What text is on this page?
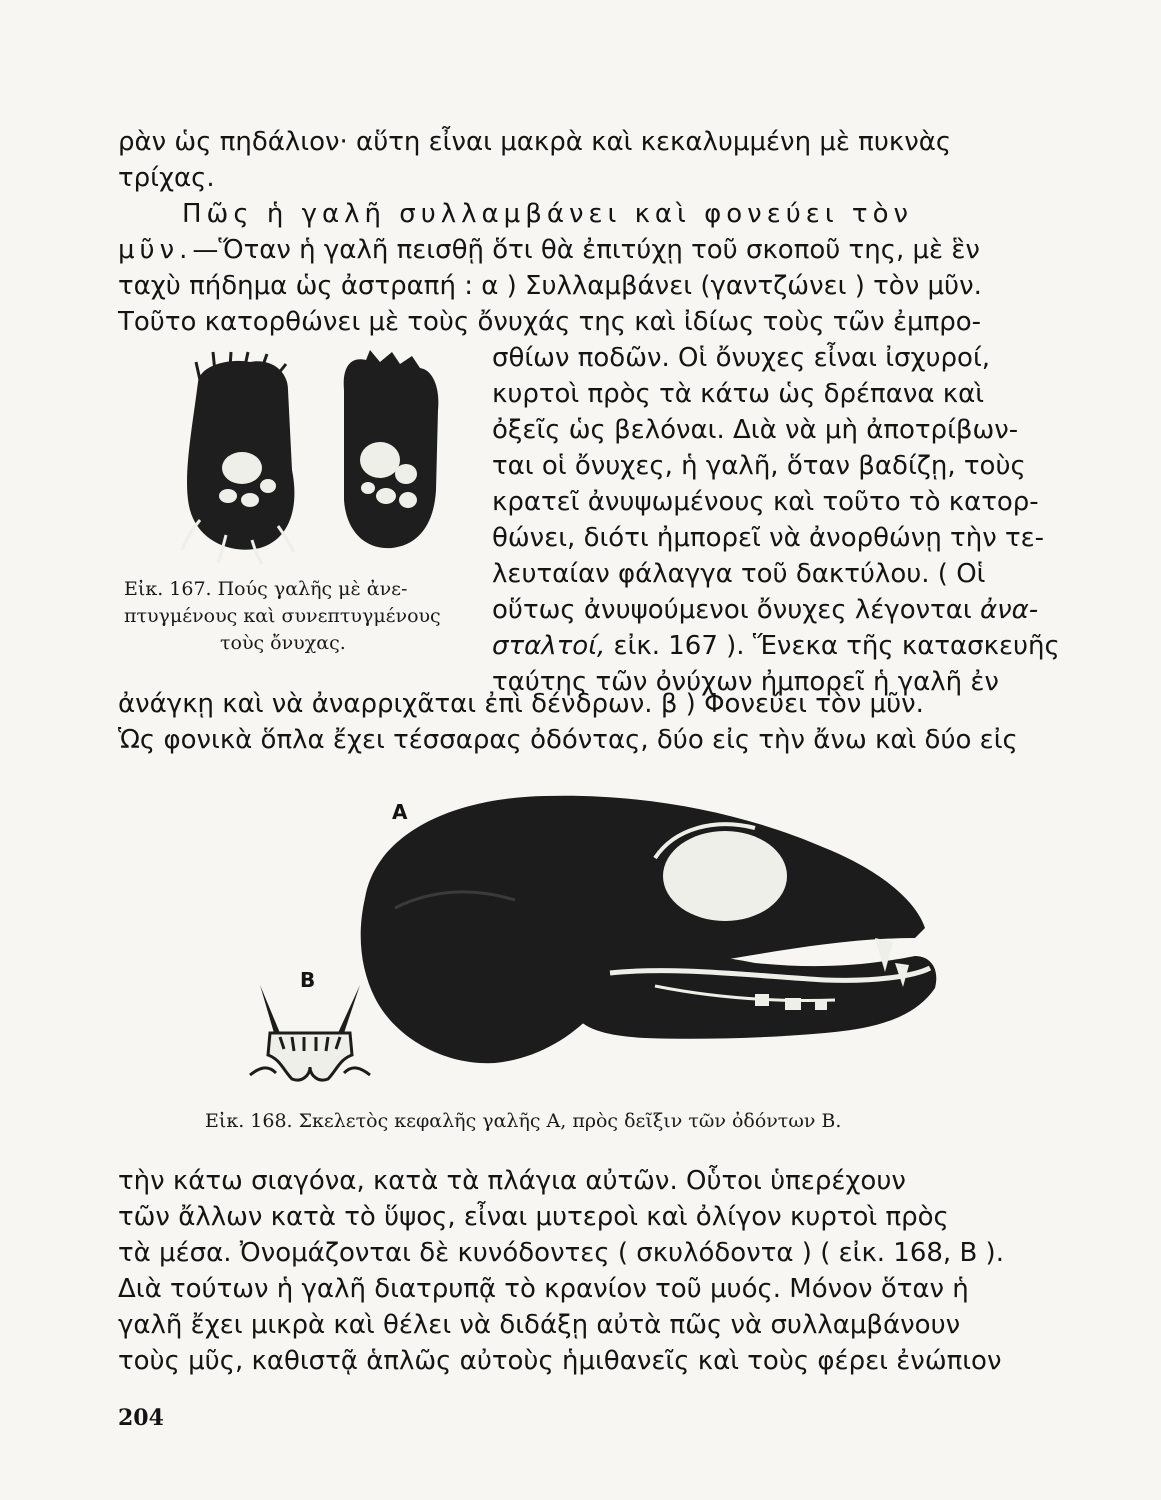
ρὰν ὡς πηδάλιον· αὕτη εἶναι μακρὰ καὶ κεκαλυμμένη μὲ πυκνὰς
τρίχας.
Πῶς ἡ γαλῆ συλλαμβάνει καὶ φονεύει τὸν
μῦν.—Ὅταν ἡ γαλῆ πεισθῇ ὅτι θὰ ἐπιτύχῃ τοῦ σκοποῦ της, μὲ ἓν
ταχὺ πήδημα ὡς ἀστραπή : α ) Συλλαμβάνει (γαντζώνει ) τὸν μῦν.
Τοῦτο κατορθώνει μὲ τοὺς ὄνυχάς της καὶ ἰδίως τοὺς τῶν ἐμπρο-
σθίων ποδῶν. Οἱ ὄνυχες εἶναι ἰσχυροί,
κυρτοὶ πρὸς τὰ κάτω ὡς δρέπανα καὶ
ὀξεῖς ὡς βελόναι. Διὰ νὰ μὴ ἀποτρίβων-
ται οἱ ὄνυχες, ἡ γαλῆ, ὅταν βαδίζῃ, τοὺς
κρατεῖ ἀνυψωμένους καὶ τοῦτο τὸ κατορ-
θώνει, διότι ἠμπορεῖ νὰ ἀνορθώνῃ τὴν τε-
λευταίαν φάλαγγα τοῦ δακτύλου. ( Οἱ
οὕτως ἀνυψούμενοι ὄνυχες λέγονται ἀνα-
σταλτοί, εἰκ. 167 ). Ἕνεκα τῆς κατασκευῆς
ταύτης τῶν ὀνύχων ἠμπορεῖ ἡ γαλῆ ἐν
Εἰκ. 167. Πούς γαλῆς μὲ ἀνε-
πτυγμένους καὶ συνεπτυγμένους
τοὺς ὄνυχας.
ἀνάγκῃ καὶ νὰ ἀναρριχᾶται ἐπὶ δένδρων. β ) Φονεύει τὸν μῦν.
Ὡς φονικὰ ὅπλα ἔχει τέσσαρας ὀδόντας, δύο εἰς τὴν ἄνω καὶ δύο εἰς
A
B
Εἰκ. 168. Σκελετὸς κεφαλῆς γαλῆς Α, πρὸς δεῖξιν τῶν ὀδόντων Β.
τὴν κάτω σιαγόνα, κατὰ τὰ πλάγια αὐτῶν. Οὗτοι ὑπερέχουν
τῶν ἄλλων κατὰ τὸ ὕψος, εἶναι μυτεροὶ καὶ ὀλίγον κυρτοὶ πρὸς
τὰ μέσα. Ὀνομάζονται δὲ κυνόδοντες ( σκυλόδοντα ) ( εἰκ. 168, Β ).
Διὰ τούτων ἡ γαλῆ διατρυπᾷ τὸ κρανίον τοῦ μυός. Μόνον ὅταν ἡ
γαλῆ ἔχει μικρὰ καὶ θέλει νὰ διδάξῃ αὐτὰ πῶς νὰ συλλαμβάνουν
τοὺς μῦς, καθιστᾷ ἁπλῶς αὐτοὺς ἡμιθανεῖς καὶ τοὺς φέρει ἐνώπιον
204
